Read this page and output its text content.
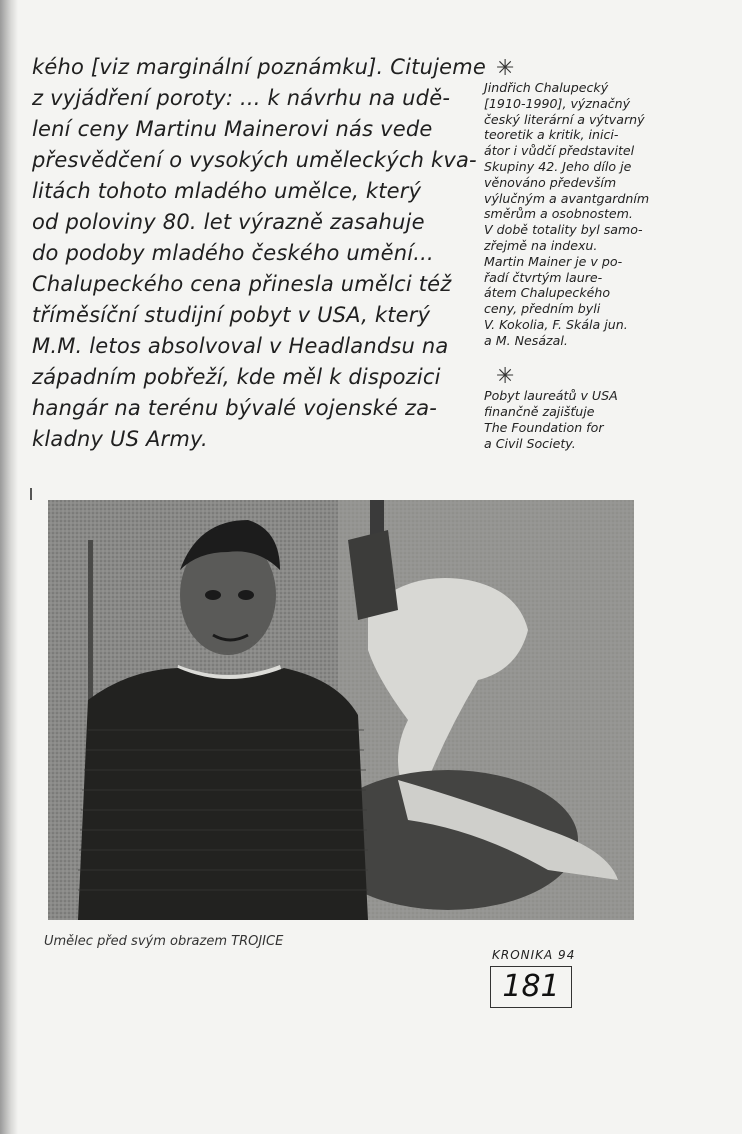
kého [viz marginální poznámku]. Citujeme
z vyjádření poroty: ... k návrhu na udě-
lení ceny Martinu Mainerovi nás vede
přesvědčení o vysokých uměleckých kva-
litách tohoto mladého umělce, který
od poloviny 80. let výrazně zasahuje
do podoby mladého českého umění...
Chalupeckého cena přinesla umělci též
tříměsíční studijní pobyt v USA, který
M.M. letos absolvoval v Headlandsu na
západním pobřeží, kde měl k dispozici
hangár na terénu bývalé vojenské za-
kladny US Army.
✳
Jindřich Chalupecký
[1910-1990], význačný
český literární a výtvarný
teoretik a kritik, inici-
átor i vůdčí představitel
Skupiny 42. Jeho dílo je
věnováno především
výlučným a avantgardním
směrům a osobnostem.
V době totality byl samo-
zřejmě na indexu.
Martin Mainer je v po-
řadí čtvrtým laure-
átem Chalupeckého
ceny, předním byli
V. Kokolia, F. Skála jun.
a M. Nesázal.
✳
Pobyt laureátů v USA
finančně zajišťuje
The Foundation for
a Civil Society.
Umělec před svým obrazem TROJICE
KRONIKA 94
181
